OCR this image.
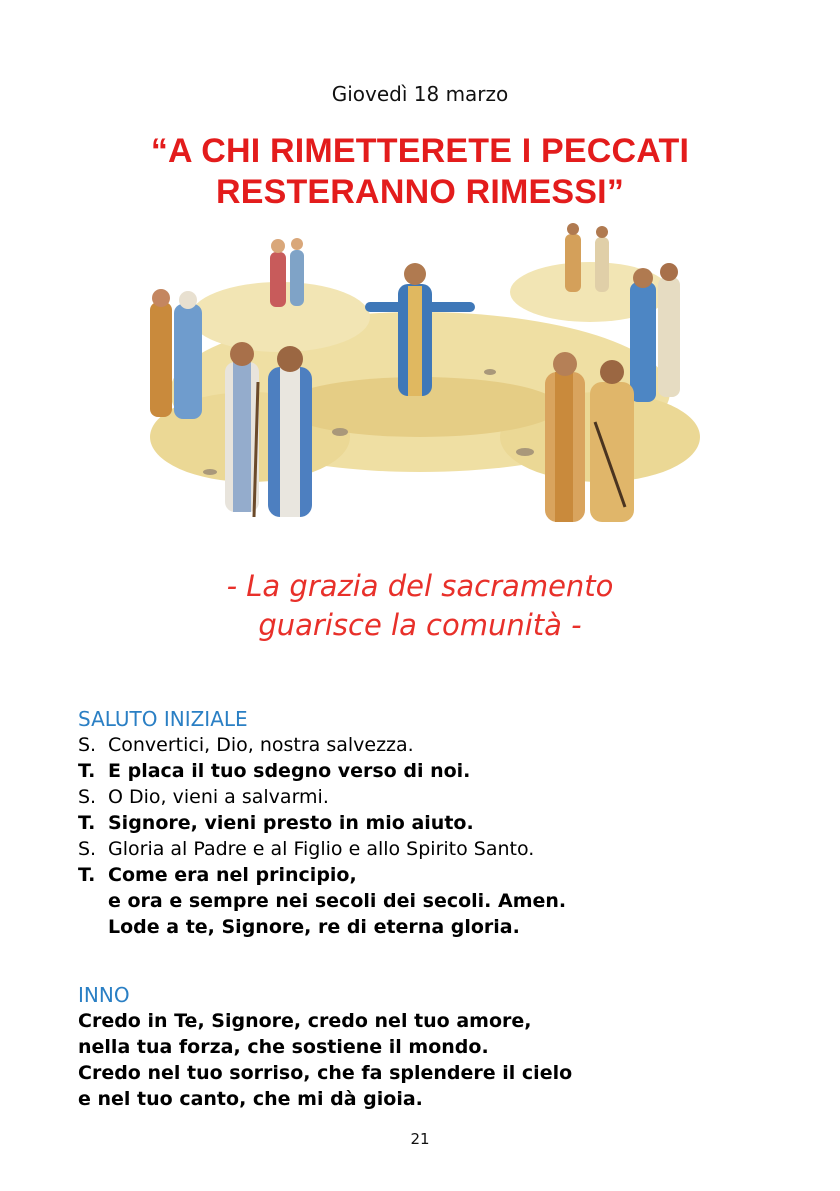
Giovedì 18 marzo
“A CHI RIMETTERETE I PECCATI
RESTERANNO RIMESSI”
- La grazia del sacramento
guarisce la comunità -
SALUTO INIZIALE
S. Convertici, Dio, nostra salvezza.
T. E placa il tuo sdegno verso di noi.
S. O Dio, vieni a salvarmi.
T. Signore, vieni presto in mio aiuto.
S. Gloria al Padre e al Figlio e allo Spirito Santo.
T. Come era nel principio,
e ora e sempre nei secoli dei secoli. Amen.
Lode a te, Signore, re di eterna gloria.
INNO
Credo in Te, Signore, credo nel tuo amore,
nella tua forza, che sostiene il mondo.
Credo nel tuo sorriso, che fa splendere il cielo
e nel tuo canto, che mi dà gioia.
21
